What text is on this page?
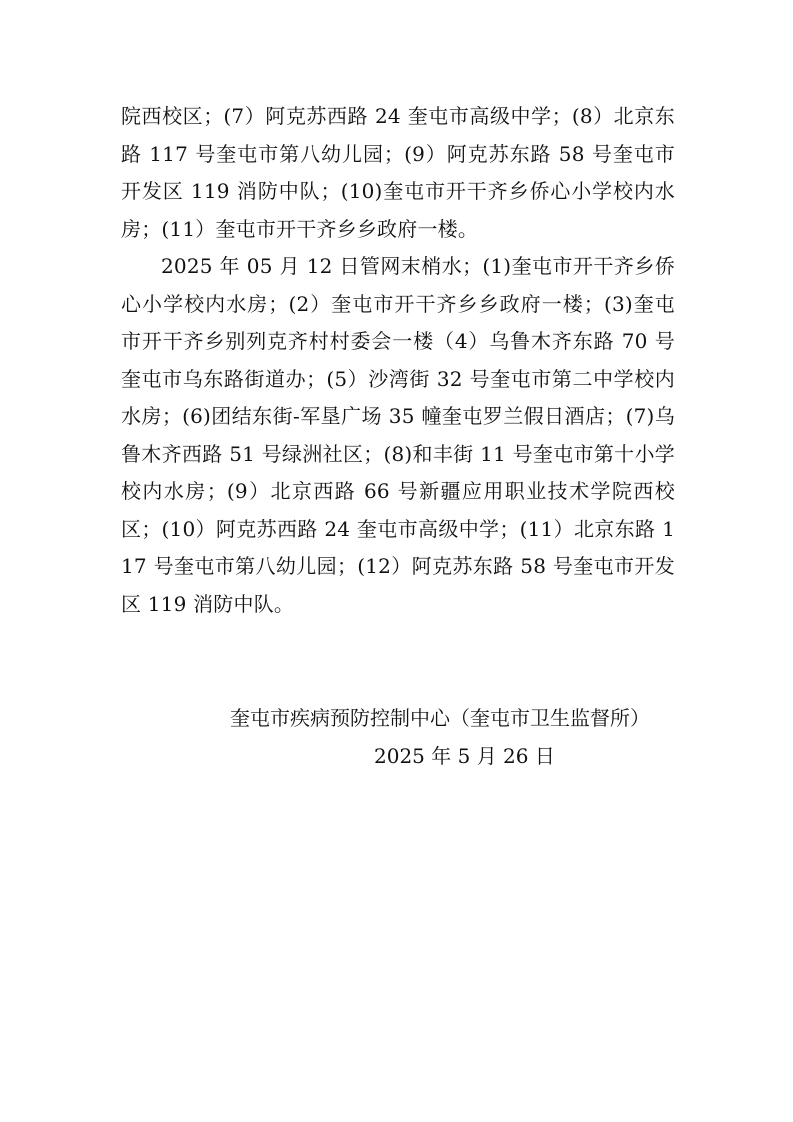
院西校区；(7）阿克苏西路 24 奎屯市高级中学；(8）北京东路 117 号奎屯市第八幼儿园；(9）阿克苏东路 58 号奎屯市开发区 119 消防中队；(10)奎屯市开干齐乡侨心小学校内水房；(11）奎屯市开干齐乡乡政府一楼。

2025 年 05 月 12 日管网末梢水；(1)奎屯市开干齐乡侨心小学校内水房；(2）奎屯市开干齐乡乡政府一楼；(3)奎屯市开干齐乡别列克齐村村委会一楼（4）乌鲁木齐东路 70 号奎屯市乌东路街道办；(5）沙湾街 32 号奎屯市第二中学校内水房；(6)团结东街-军垦广场 35 幢奎屯罗兰假日酒店；(7)乌鲁木齐西路 51 号绿洲社区；(8)和丰街 11 号奎屯市第十小学校内水房；(9）北京西路 66 号新疆应用职业技术学院西校区；(10）阿克苏西路 24 奎屯市高级中学；(11）北京东路 117 号奎屯市第八幼儿园；(12）阿克苏东路 58 号奎屯市开发区 119 消防中队。

奎屯市疾病预防控制中心（奎屯市卫生监督所）
2025 年 5 月 26 日
